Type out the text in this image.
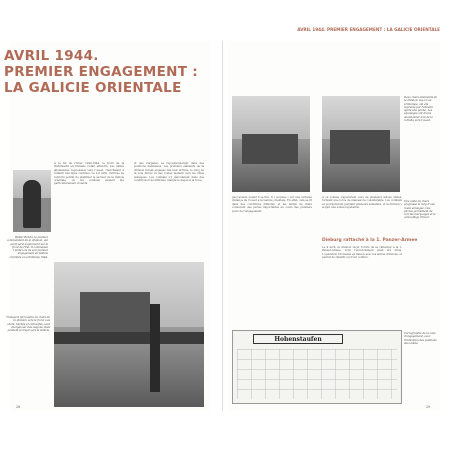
AVRIL 1944.
PREMIER ENGAGEMENT :
LA GALICIE ORIENTALE
À la fin de l'hiver 1943-1944, le front de la Wehrmacht en Ukraine s'était effondré. Les unités allemandes, repoussées vers l'ouest, cherchaient à rétablir une ligne continue. Le 1er avril, l'arrivée de renforts permit de stabiliser le secteur de la Galicie orientale, où les combats avaient été particulièrement violents.
et des Carpates, se repositionnèrent dans des positions défensives. Les premiers éléments de la division furent engagés dès leur arrivée, le long de la voie ferrée et des routes menant vers les villes assiégées. Les combats s'y déroulèrent dans des conditions très difficiles, malgré le dégel et la boue.
Walter Ratzki, le premier commandant de la division, qui avait servi auparavant sur le front de l'Est. Il commanda l'unité lors de son premier engagement en Galicie orientale au printemps 1944.
Transport ferroviaire de chars de la division vers le front. Les chars, bâchés et camouflés, sont chargés sur des wagons plats pendant le trajet vers la Galicie.
28
AVRIL 1944. PREMIER ENGAGEMENT : LA GALICIE ORIENTALE
Deux chars allemands de la division, vus ici au printemps, ont été capturés par l'ennemi après une panne. Les équipages ont dû les abandonner lors de la retraite vers l'ouest.
Une unité de chars progresse le long d'une route enneigée. Ces photos permettent de voir les marquages et le camouflage d'hiver.
pas revenir, quand il se tire. Il « acquise » sur une certaine distance de l'ouest à la Galicie orientale. En effet, cela se fit dans des conditions difficiles, et les unités de chars connurent des pertes importantes au cours des premiers jours de l'engagement.
À ce volume s'ajoutèrent ceux de plusieurs autres unités, formant une force de manœuvre considérable. Les combats se poursuivirent pendant plusieurs semaines, et la division y acquit une solide réputation.
Dieburg rattaché à la 1. Panzer-Armee
Le 4 avril, la division reçut l'ordre de se rattacher à la 1. Panzer-Armee, dont l'encerclement avait été brisé. L'opération fut menée en liaison avec les autres divisions, et permit de rétablir un front continu.
Hohenstaufen
Cartographie de la zone d'engagement, avec l'indication des positions des unités.
29
